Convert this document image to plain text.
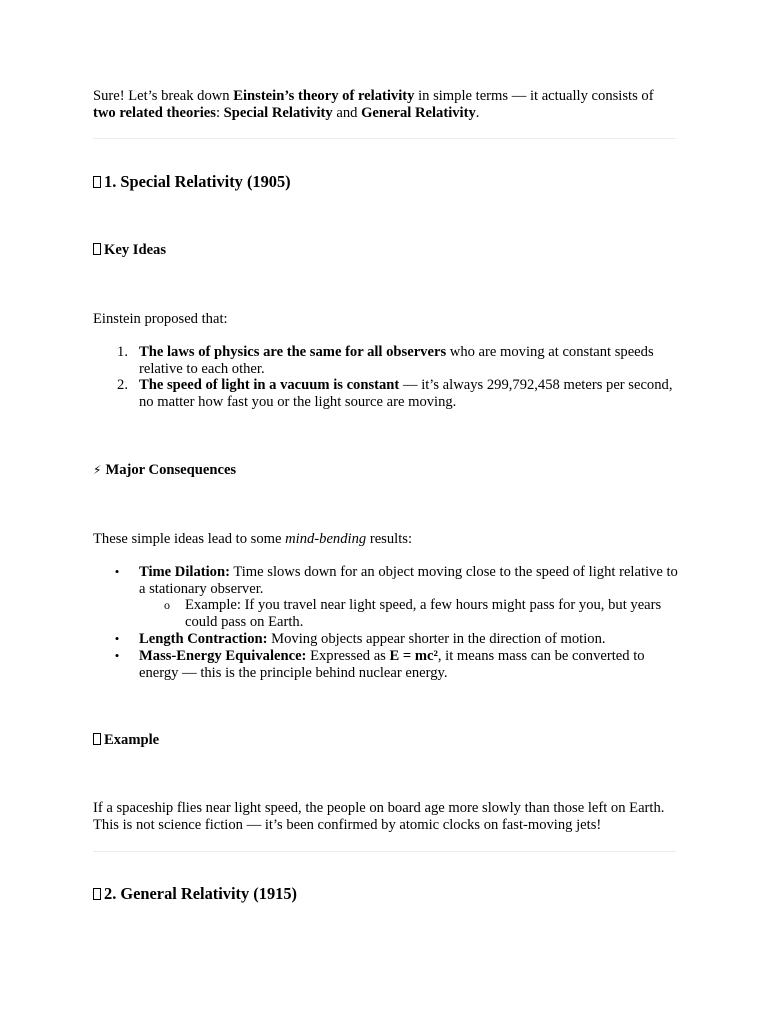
Sure! Let’s break down Einstein’s theory of relativity in simple terms — it actually consists of two related theories: Special Relativity and General Relativity.

1. Special Relativity (1905)
Key Ideas

Einstein proposed that:

1. The laws of physics are the same for all observers who are moving at constant speeds relative to each other.

2. The speed of light in a vacuum is constant — it’s always 299,792,458 meters per second, no matter how fast you or the light source are moving.

⚡ Major Consequences

These simple ideas lead to some mind-bending results:

•	Time Dilation: Time slows down for an object moving close to the speed of light relative to a stationary observer.

o	Example: If you travel near light speed, a few hours might pass for you, but years could pass on Earth.

•	Length Contraction: Moving objects appear shorter in the direction of motion.

•	Mass-Energy Equivalence: Expressed as E = mc², it means mass can be converted to energy — this is the principle behind nuclear energy.

Example

If a spaceship flies near light speed, the people on board age more slowly than those left on Earth. This is not science fiction — it’s been confirmed by atomic clocks on fast-moving jets!

2. General Relativity (1915)
